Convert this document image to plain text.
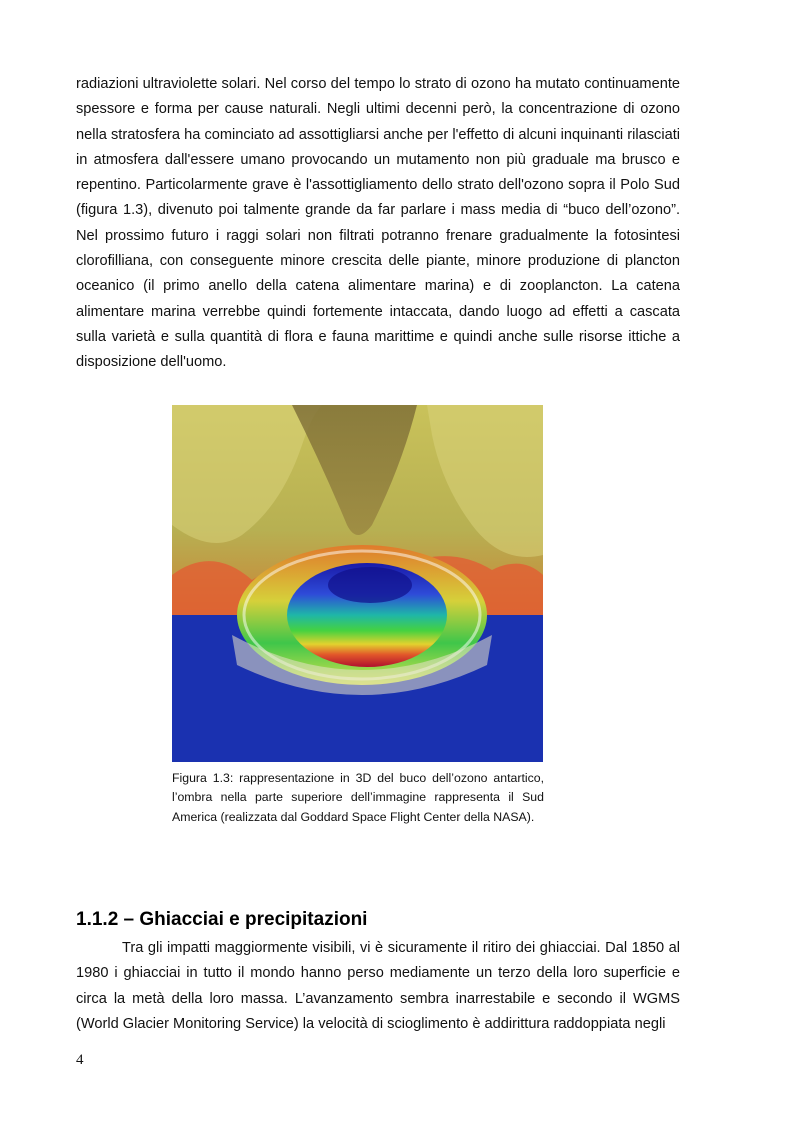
radiazioni ultraviolette solari. Nel corso del tempo lo strato di ozono ha mutato continuamente spessore e forma per cause naturali. Negli ultimi decenni però, la concentrazione di ozono nella stratosfera ha cominciato ad assottigliarsi anche per l'effetto di alcuni inquinanti rilasciati in atmosfera dall'essere umano provocando un mutamento non più graduale ma brusco e repentino. Particolarmente grave è l'assottigliamento dello strato dell'ozono sopra il Polo Sud (figura 1.3), divenuto poi talmente grande da far parlare i mass media di “buco dell’ozono”. Nel prossimo futuro i raggi solari non filtrati potranno frenare gradualmente la fotosintesi clorofilliana, con conseguente minore crescita delle piante, minore produzione di plancton oceanico (il primo anello della catena alimentare marina) e di zooplancton. La catena alimentare marina verrebbe quindi fortemente intaccata, dando luogo ad effetti a cascata sulla varietà e sulla quantità di flora e fauna marittime e quindi anche sulle risorse ittiche a disposizione dell'uomo.

Figura 1.3: rappresentazione in 3D del buco dell’ozono antartico, l’ombra nella parte superiore dell’immagine rappresenta il Sud America (realizzata dal Goddard Space Flight Center della NASA).

1.1.2 – Ghiacciai e precipitazioni

Tra gli impatti maggiormente visibili, vi è sicuramente il ritiro dei ghiacciai. Dal 1850 al 1980 i ghiacciai in tutto il mondo hanno perso mediamente un terzo della loro superficie e circa la metà della loro massa. L’avanzamento sembra inarrestabile e secondo il WGMS (World Glacier Monitoring Service) la velocità di scioglimento è addirittura raddoppiata negli

4
